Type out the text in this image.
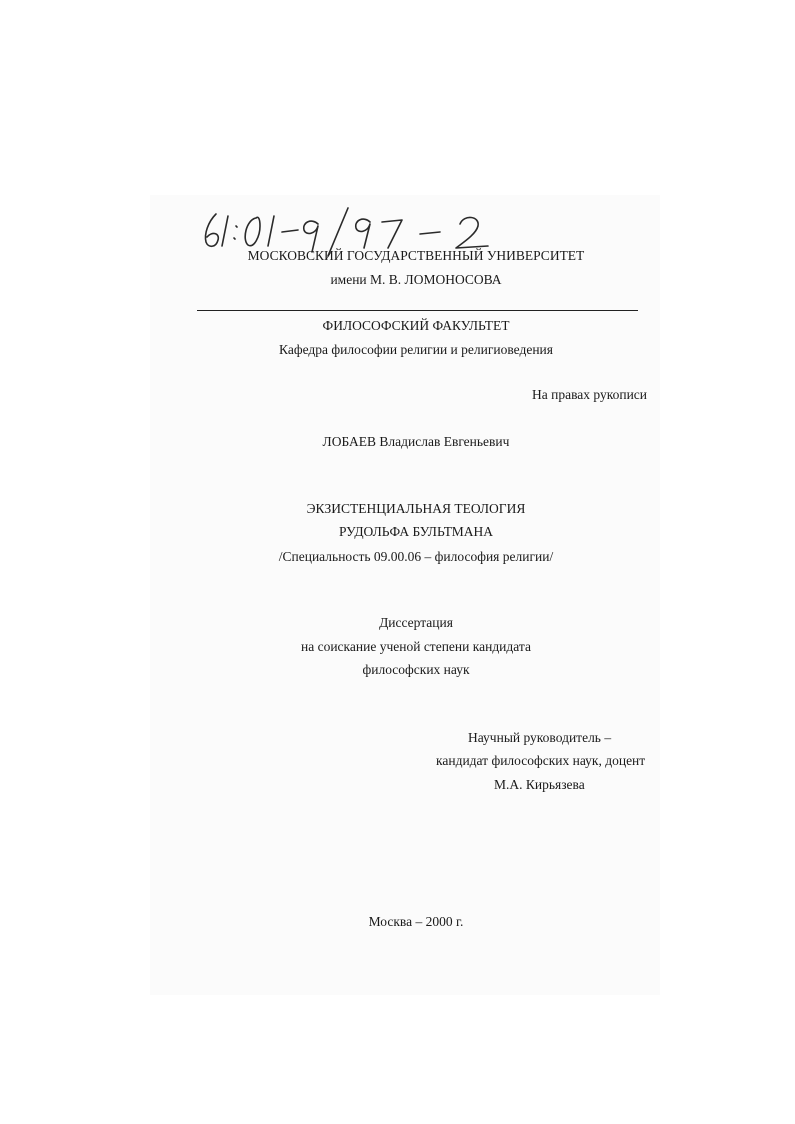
МОСКОВСКИЙ ГОСУДАРСТВЕННЫЙ УНИВЕРСИТЕТ
имени М. В. ЛОМОНОСОВА
ФИЛОСОФСКИЙ ФАКУЛЬТЕТ
Кафедра философии религии и религиоведения
На правах рукописи
ЛОБАЕВ Владислав Евгеньевич
ЭКЗИСТЕНЦИАЛЬНАЯ ТЕОЛОГИЯ
РУДОЛЬФА БУЛЬТМАНА
/Специальность 09.00.06 – философия религии/
Диссертация
на соискание ученой степени кандидата
философских наук
Научный руководитель –
кандидат философских наук, доцент
М.А. Кирьязева
Москва – 2000 г.
